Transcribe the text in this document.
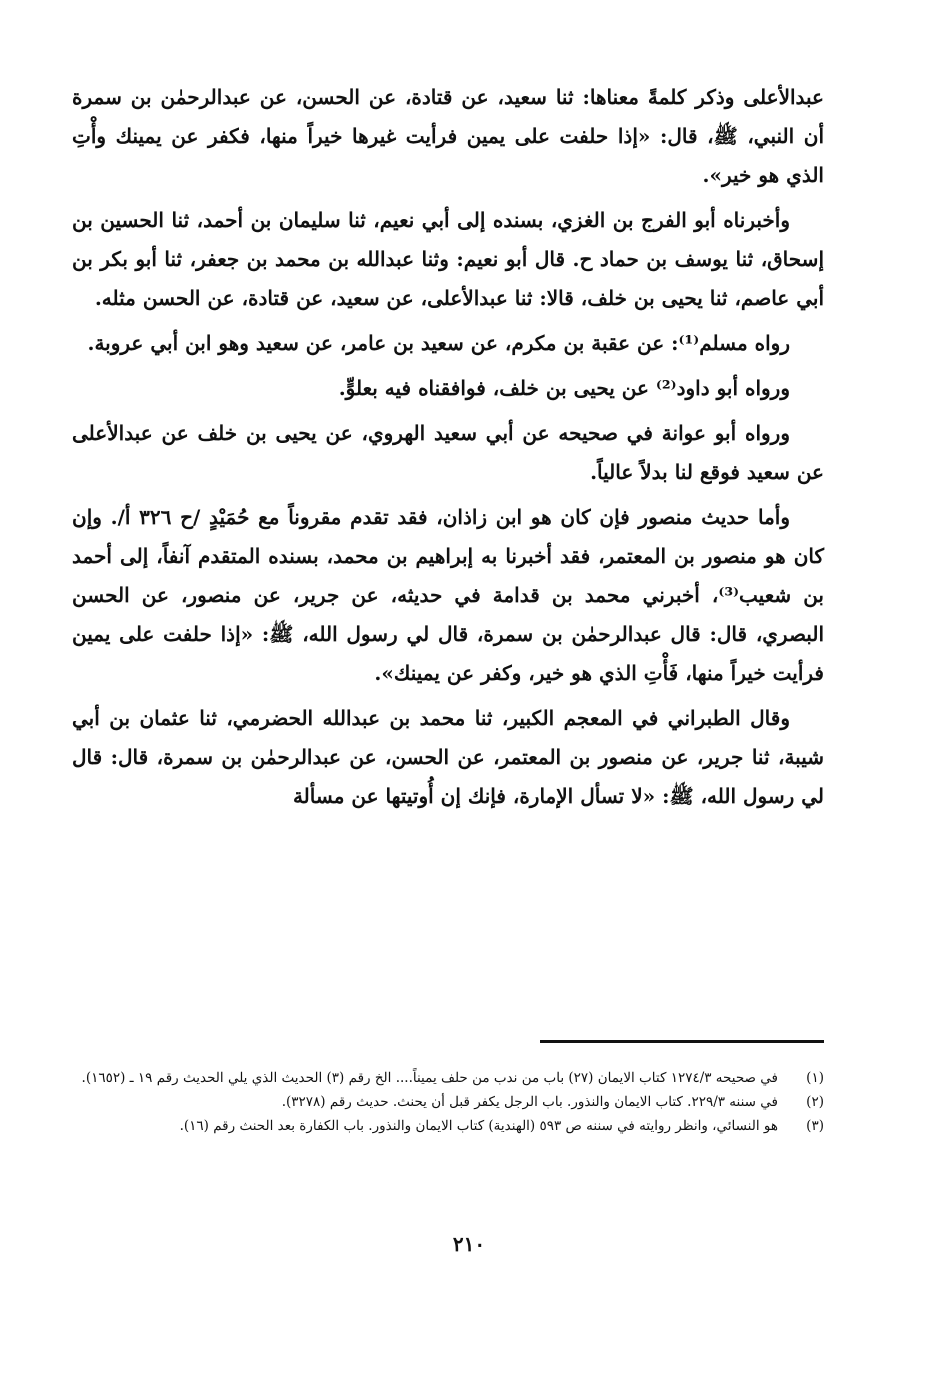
عبدالأعلى وذكر كلمةً معناها: ثنا سعيد، عن قتادة، عن الحسن، عن عبدالرحمٰن بن سمرة أن النبي، ﷺ، قال: «إذا حلفت على يمين فرأيت غيرها خيراً منها، فكفر عن يمينك وأْتِ الذي هو خير».

وأخبرناه أبو الفرج بن الغزي، بسنده إلى أبي نعيم، ثنا سليمان بن أحمد، ثنا الحسين بن إسحاق، ثنا يوسف بن حماد ح. قال أبو نعيم: وثنا عبدالله بن محمد بن جعفر، ثنا أبو بكر بن أبي عاصم، ثنا يحيى بن خلف، قالا: ثنا عبدالأعلى، عن سعيد، عن قتادة، عن الحسن مثله.

رواه مسلم⁽¹⁾: عن عقبة بن مكرم، عن سعيد بن عامر، عن سعيد وهو ابن أبي عروبة.

ورواه أبو داود⁽²⁾ عن يحيى بن خلف، فوافقناه فيه بعلوٍّ.

ورواه أبو عوانة في صحيحه عن أبي سعيد الهروي، عن يحيى بن خلف عن عبدالأعلى عن سعيد فوقع لنا بدلاً عالياً.

وأما حديث منصور فإن كان هو ابن زاذان، فقد تقدم مقروناً مع حُمَيْدٍ /ح ٣٢٦ أ/. وإن كان هو منصور بن المعتمر، فقد أخبرنا به إبراهيم بن محمد، بسنده المتقدم آنفاً، إلى أحمد بن شعيب⁽³⁾، أخبرني محمد بن قدامة في حديثه، عن جرير، عن منصور، عن الحسن البصري، قال: قال عبدالرحمٰن بن سمرة، قال لي رسول الله، ﷺ: «إذا حلفت على يمين فرأيت خيراً منها، فَأْتِ الذي هو خير، وكفر عن يمينك».

وقال الطبراني في المعجم الكبير، ثنا محمد بن عبدالله الحضرمي، ثنا عثمان بن أبي شيبة، ثنا جرير، عن منصور بن المعتمر، عن الحسن، عن عبدالرحمٰن بن سمرة، قال: قال لي رسول الله، ﷺ: «لا تسأل الإمارة، فإنك إن أُوتيتها عن مسألة

(١)
في صحيحه ١٢٧٤/٣ كتاب الايمان (٢٧) باب من ندب من حلف يميناً.... الخ رقم (٣) الحديث الذي يلي الحديث رقم ١٩ ـ (١٦٥٢).
(٢)
في سننه ٢٢٩/٣. كتاب الايمان والنذور. باب الرجل يكفر قبل أن يحنث. حديث رقم (٣٢٧٨).
(٣)
هو النسائي، وانظر روايته في سننه ص ٥٩٣ (الهندية) كتاب الايمان والنذور. باب الكفارة بعد الحنث رقم (١٦).
٢١٠
